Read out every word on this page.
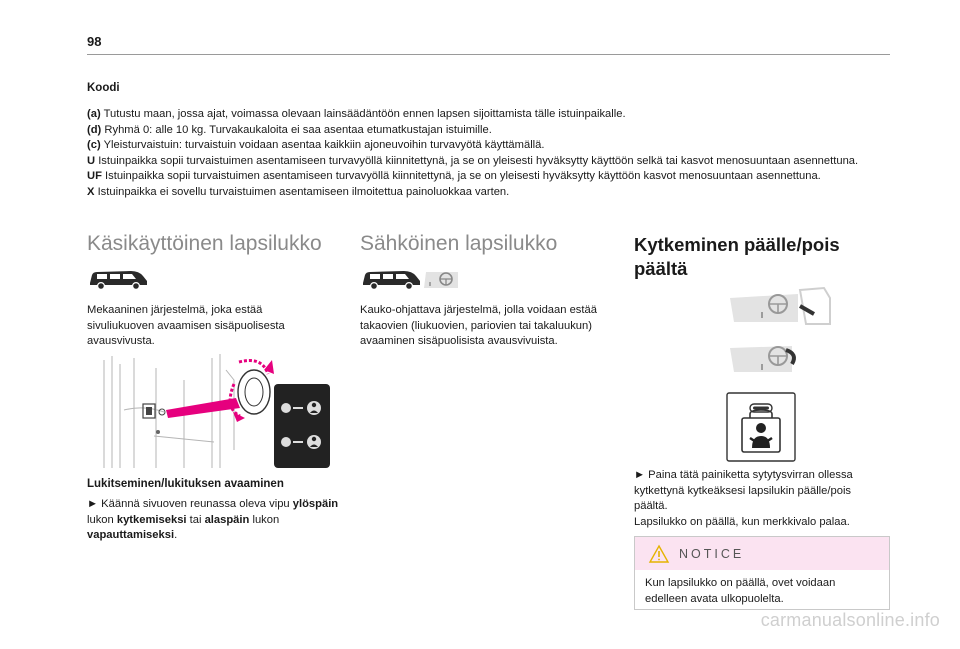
98
Koodi

(a) Tutustu maan, jossa ajat, voimassa olevaan lainsäädäntöön ennen lapsen sijoittamista tälle istuinpaikalle.

(d) Ryhmä 0: alle 10 kg. Turvakaukaloita ei saa asentaa etumatkustajan istuimille.

(c) Yleisturvaistuin: turvaistuin voidaan asentaa kaikkiin ajoneuvoihin turvavyötä käyttämällä.

U Istuinpaikka sopii turvaistuimen asentamiseen turvavyöllä kiinnitettynä, ja se on yleisesti hyväksytty käyttöön selkä tai kasvot menosuuntaan asennettuna.

UF Istuinpaikka sopii turvaistuimen asentamiseen turvavyöllä kiinnitettynä, ja se on yleisesti hyväksytty käyttöön kasvot menosuuntaan asennettuna.

X Istuinpaikka ei sovellu turvaistuimen asentamiseen ilmoitettua painoluokkaa varten.

Käsikäyttöinen lapsilukko
Mekaaninen järjestelmä, joka estää sivuliukuoven avaamisen sisäpuolisesta avausvivusta.
Lukitseminen/lukituksen avaaminen
► Käännä sivuoven reunassa oleva vipu ylöspäin lukon kytkemiseksi tai alaspäin lukon vapauttamiseksi.
Sähköinen lapsilukko
Kauko-ohjattava järjestelmä, jolla voidaan estää takaovien (liukuovien, pariovien tai takaluukun) avaaminen sisäpuolisista avausvivuista.
Kytkeminen päälle/pois päältä
► Paina tätä painiketta sytytysvirran ollessa kytkettynä kytkeäksesi lapsilukin päälle/pois päältä.
Lapsilukko on päällä, kun merkkivalo palaa.
NOTICE
Kun lapsilukko on päällä, ovet voidaan edelleen avata ulkopuolelta.
carmanualsonline.info
